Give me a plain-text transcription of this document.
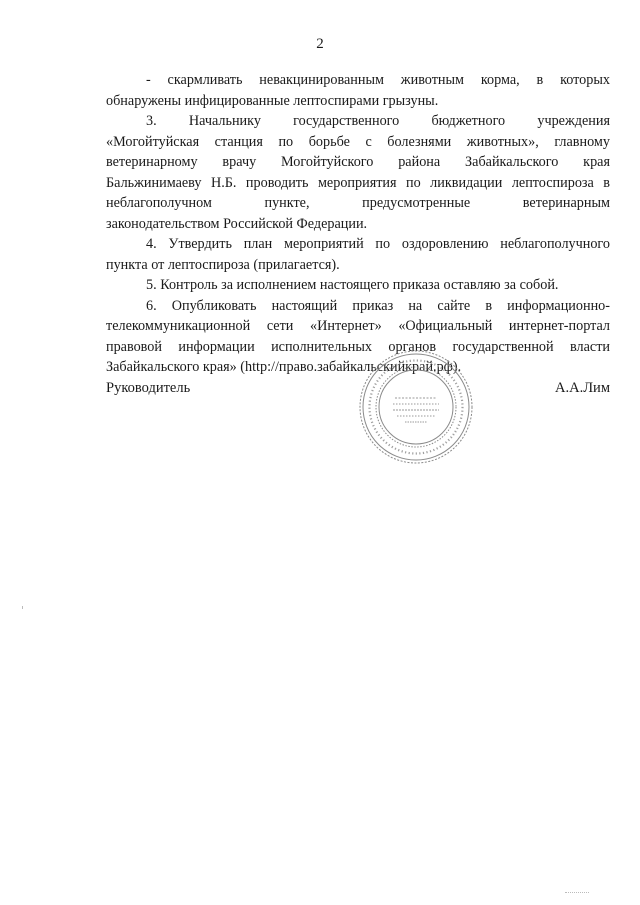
2

- скармливать невакцинированным животным корма, в которых
обнаружены инфицированные лептоспирами грызуны.

3. Начальнику государственного бюджетного учреждения
«Могойтуйская станция по борьбе с болезнями животных», главному
ветеринарному врачу Могойтуйского района Забайкальского края
Бальжинимаеву Н.Б. проводить мероприятия по ликвидации лептоспироза в
неблагополучном пункте, предусмотренные ветеринарным
законодательством Российской Федерации.

4. Утвердить план мероприятий по оздоровлению неблагополучного
пункта от лептоспироза (прилагается).

5. Контроль за исполнением настоящего приказа оставляю за собой.

6. Опубликовать настоящий приказ на сайте в информационно-
телекоммуникационной сети «Интернет» «Официальный интернет-портал
правовой информации исполнительных органов государственной власти
Забайкальского края» (http://право.забайкальскийкрай.рф).

Руководитель	А.А.Лим
